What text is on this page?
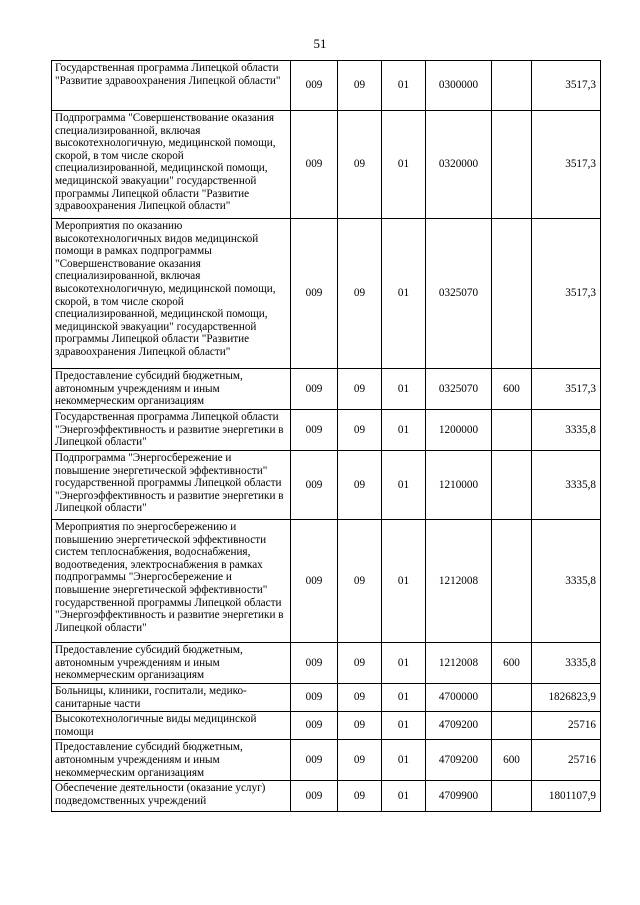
51
Государственная программа Липецкой области "Развитие здравоохранения Липецкой области"	009	09	01	0300000		3517,3
Подпрограмма "Совершенствование оказания специализированной, включая высокотехнологичную, медицинской помощи, скорой, в том числе скорой специализированной, медицинской помощи, медицинской эвакуации" государственной программы Липецкой области "Развитие здравоохранения Липецкой области"	009	09	01	0320000		3517,3
Мероприятия по оказанию высокотехнологичных видов медицинской помощи в рамках подпрограммы "Совершенствование оказания специализированной, включая высокотехнологичную, медицинской помощи, скорой, в том числе скорой специализированной, медицинской помощи, медицинской эвакуации" государственной программы Липецкой области "Развитие здравоохранения Липецкой области"	009	09	01	0325070		3517,3
Предоставление субсидий бюджетным, автономным учреждениям и иным некоммерческим организациям	009	09	01	0325070	600	3517,3
Государственная программа Липецкой области "Энергоэффективность и развитие энергетики в Липецкой области"	009	09	01	1200000		3335,8
Подпрограмма "Энергосбережение и повышение энергетической эффективности" государственной программы Липецкой области "Энергоэффективность и развитие энергетики в Липецкой области"	009	09	01	1210000		3335,8
Мероприятия по энергосбережению и повышению энергетической эффективности систем теплоснабжения, водоснабжения, водоотведения, электроснабжения в рамках подпрограммы "Энергосбережение и повышение энергетической эффективности" государственной программы Липецкой области "Энергоэффективность и развитие энергетики в Липецкой области"	009	09	01	1212008		3335,8
Предоставление субсидий бюджетным, автономным учреждениям и иным некоммерческим организациям	009	09	01	1212008	600	3335,8
Больницы, клиники, госпитали, медико-санитарные части	009	09	01	4700000		1826823,9
Высокотехнологичные виды медицинской помощи	009	09	01	4709200		25716
Предоставление субсидий бюджетным, автономным учреждениям и иным некоммерческим организациям	009	09	01	4709200	600	25716
Обеспечение деятельности (оказание услуг) подведомственных учреждений	009	09	01	4709900		1801107,9
